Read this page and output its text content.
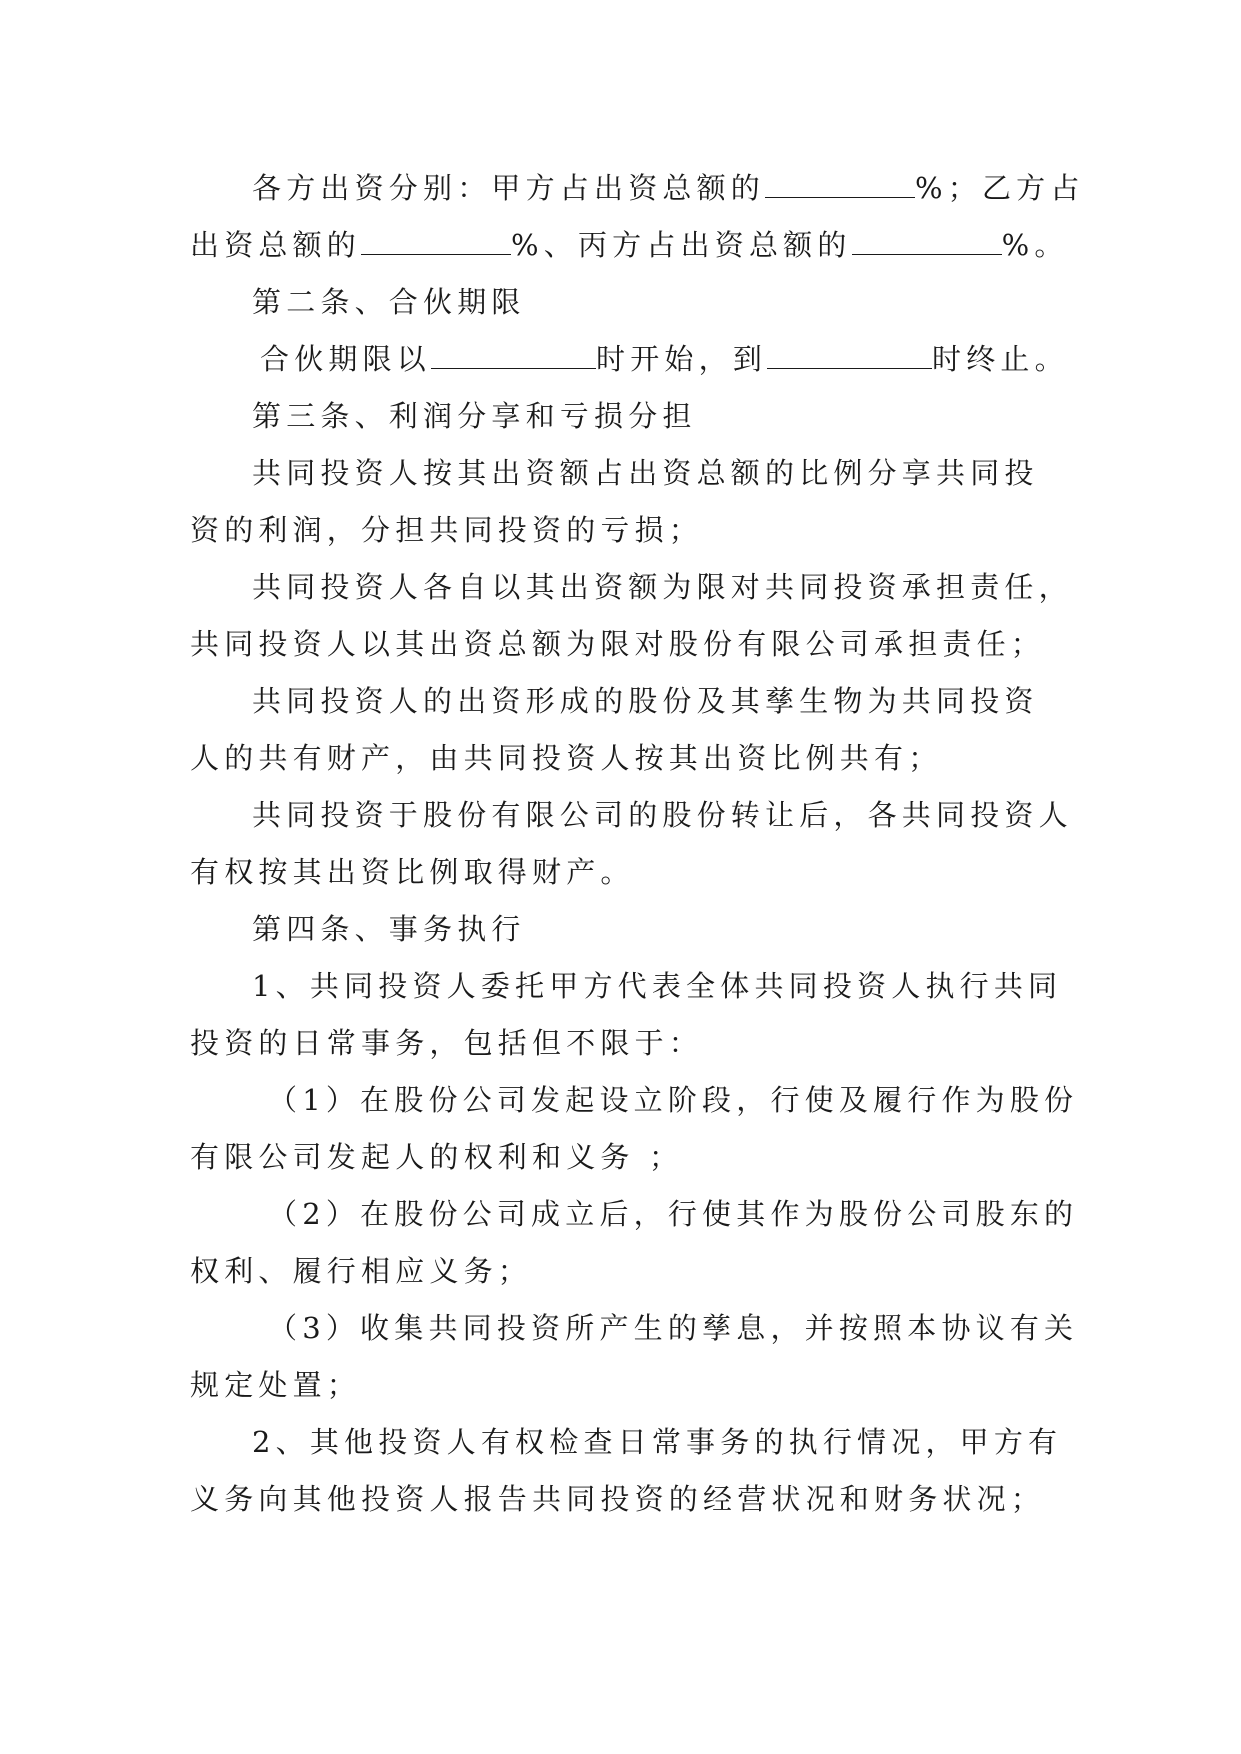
各方出资分别：甲方占出资总额的	%；乙方占

出资总额的	%、丙方占出资总额的	%。

第二条、合伙期限

合伙期限以	时开始，到	时终止。

第三条、利润分享和亏损分担

共同投资人按其出资额占出资总额的比例分享共同投

资的利润，分担共同投资的亏损；

共同投资人各自以其出资额为限对共同投资承担责任，

共同投资人以其出资总额为限对股份有限公司承担责任；

共同投资人的出资形成的股份及其孳生物为共同投资

人的共有财产，由共同投资人按其出资比例共有；

共同投资于股份有限公司的股份转让后，各共同投资人

有权按其出资比例取得财产。

第四条、事务执行

1、共同投资人委托甲方代表全体共同投资人执行共同

投资的日常事务，包括但不限于：

（1）在股份公司发起设立阶段，行使及履行作为股份

有限公司发起人的权利和义务 ；

（2）在股份公司成立后，行使其作为股份公司股东的

权利、履行相应义务；

（3）收集共同投资所产生的孳息，并按照本协议有关

规定处置；

2、其他投资人有权检查日常事务的执行情况，甲方有

义务向其他投资人报告共同投资的经营状况和财务状况；
